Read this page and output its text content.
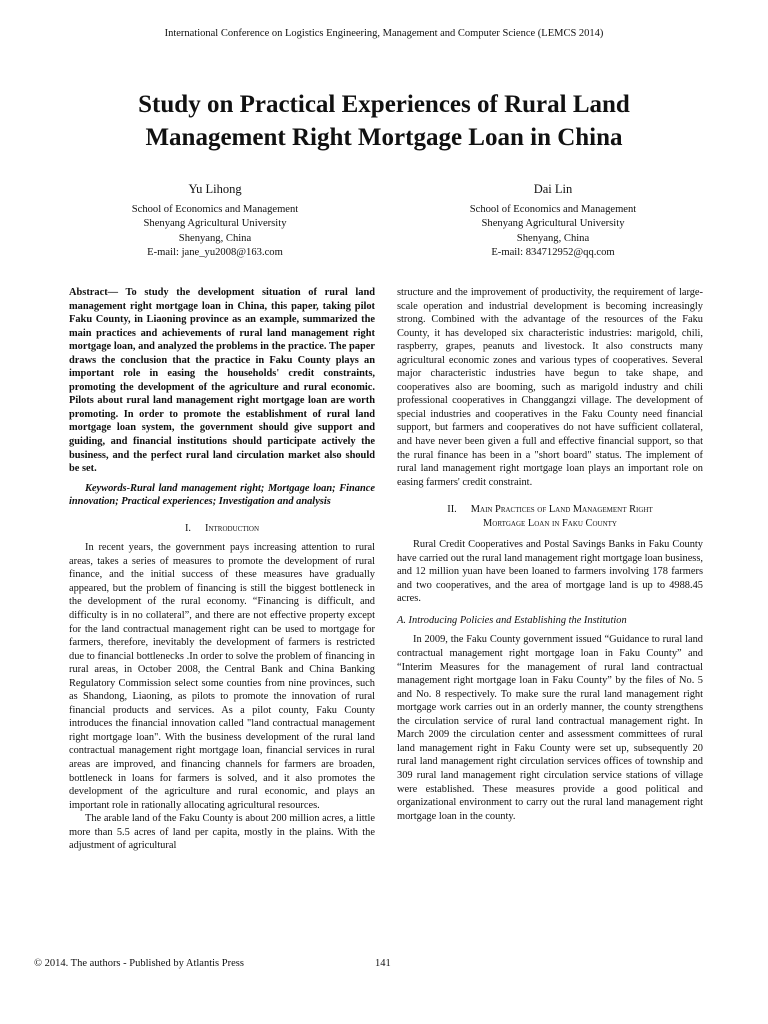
International Conference on Logistics Engineering, Management and Computer Science (LEMCS 2014)
Study on Practical Experiences of Rural Land
Management Right Mortgage Loan in China
Yu Lihong
School of Economics and Management
Shenyang Agricultural University
Shenyang, China
E-mail: jane_yu2008@163.com
Dai Lin
School of Economics and Management
Shenyang Agricultural University
Shenyang, China
E-mail: 834712952@qq.com

Abstract— To study the development situation of rural land management right mortgage loan in China, this paper, taking pilot Faku County, in Liaoning province as an example, summarized the main practices and achievements of rural land management right mortgage loan, and analyzed the problems in the practice. The paper draws the conclusion that the practice in Faku County plays an important role in easing the households' credit constraints, promoting the development of the agriculture and rural economic. Pilots about rural land management right mortgage loan are worth promoting. In order to promote the establishment of rural land mortgage loan system, the government should give support and guiding, and financial institutions should participate actively the business, and the perfect rural land circulation market also should be set.

Keywords-Rural land management right; Mortgage loan; Finance innovation; Practical experiences; Investigation and analysis

I. Introduction

In recent years, the government pays increasing attention to rural areas, takes a series of measures to promote the development of rural finance, and the initial success of these measures have gradually appeared, but the problem of financing is still the biggest bottleneck in the development of the rural economy. “Financing is difficult, and difficulty is in no collateral”, and there are not effective property except for the land contractual management right can be used to mortgage for farmers, therefore, inevitably the development of farmers is restricted due to financial bottlenecks .In order to solve the problem of financing in rural areas, in October 2008, the Central Bank and China Banking Regulatory Commission select some counties from nine provinces, such as Shandong, Liaoning, as pilots to promote the innovation of rural financial products and services. As a pilot county, Faku County introduces the financial innovation called "land contractual management right mortgage loan". With the business development of the rural land contractual management right mortgage loan, financial services in rural areas are improved, and financing channels for farmers are broaden, bottleneck in loans for farmers is solved, and it also promotes the development of the agriculture and rural economic, and plays an important role in rationally allocating agricultural resources.

The arable land of the Faku County is about 200 million acres, a little more than 5.5 acres of land per capita, mostly in the plains. With the adjustment of agricultural

structure and the improvement of productivity, the requirement of large-scale operation and industrial development is becoming increasingly strong. Combined with the advantage of the resources of the Faku County, it has developed six characteristic industries: marigold, chili, raspberry, grapes, peanuts and livestock. It also constructs many agricultural economic zones and various types of cooperatives. Several major characteristic industries have begun to take shape, and cooperatives also are booming, such as marigold industry and chili professional cooperatives in Changgangzi village. The development of special industries and cooperatives in the Faku County need financial support, but farmers and cooperatives do not have sufficient collateral, and have never been given a full and effective financial support, so that the rural finance has been in a "short board" status. The implement of rural land management right mortgage loan plays an important role on easing farmers' credit constraint.

II. Main Practices of Land Management Right
Mortgage Loan in Faku County

Rural Credit Cooperatives and Postal Savings Banks in Faku County have carried out the rural land management right mortgage loan business, and 12 million yuan have been loaned to farmers involving 178 farmers and two cooperatives, and the area of mortgage land is up to 4988.45 acres.

A. Introducing Policies and Establishing the Institution

In 2009, the Faku County government issued “Guidance to rural land contractual management right mortgage loan in Faku County” and “Interim Measures for the management of rural land contractual management right mortgage loan in Faku County” by the files of No. 5 and No. 8 respectively. To make sure the rural land management right mortgage work carries out in an orderly manner, the county strengthens the circulation service of rural land contractual management right. In March 2009 the circulation center and assessment committees of rural land management right in Faku County were set up, subsequently 20 rural land management right circulation services offices of township and 309 rural land management right circulation service stations of village were established. These measures provide a good political and organizational environment to carry out the rural land management right mortgage loan in the county.

© 2014. The authors - Published by Atlantis Press	141
